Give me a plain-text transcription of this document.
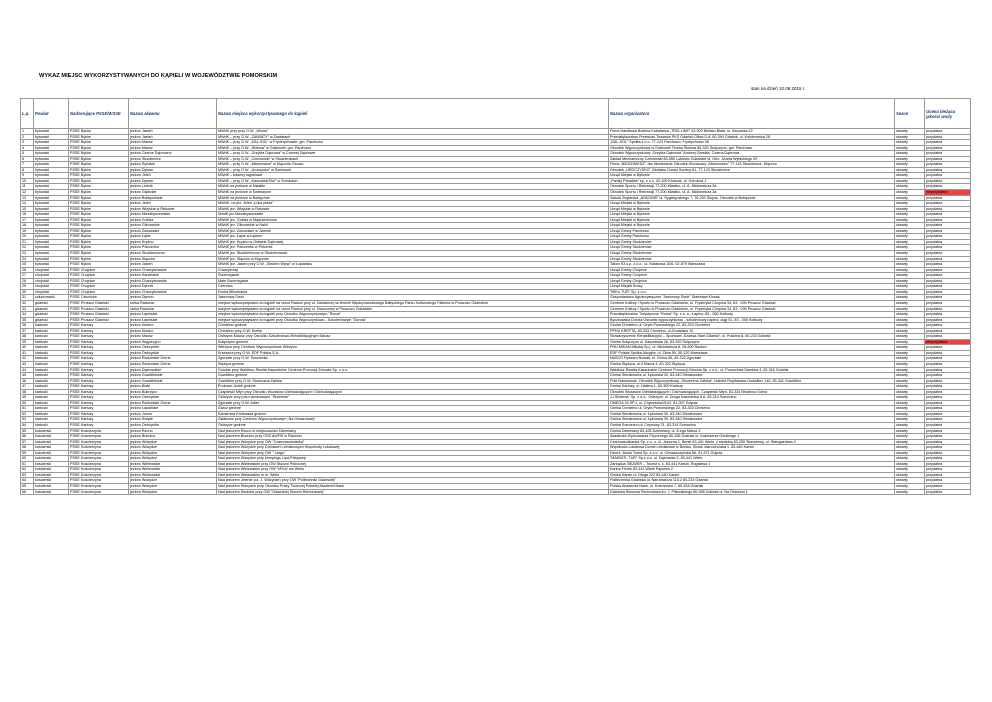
WYKAZ MIEJSC WYKORZYSTYWANYCH DO KĄPIELI W WOJEWÓDZTWIE POMORSKIM
stan na dzień 10.08.2015 r.
L.p.	Powiat	Nadzorujące PSSE/WSSE	Nazwa akwenu	Nazwa miejsca wykorzystywanego do kąpieli	Nazwa organizatora	Sezon	Ocena bieżąca jakości wody
1	bytowski	PSSE Bytów	jezioro Jasień	MWdK przy przy O.W. „Wrzos”	Firma Handlowa Bożena Kubalańca „TRIS-LINE” 43-300 Bielsko-Biała, ul. Karpacka 22	otwarty	przydatna
2	bytowski	PSSE Bytów	jezioro Jasień	MWdK – przy O.W. „ZAWIATY” w Zawiatach	Przedsiębiorstwo Przewozu Towarów PKS Gdańsk-Oliwa S.A. 80-394 Gdańsk, ul. Kołobrzeska 28	otwarty	przydatna
3	bytowski	PSSE Bytów	jezioro Mausz	MWdK – przy O.W. „DAL-SOL” w Fryderyzhowie, gm. Parchowo	„DAL-SOL” Spółka z o.o. 77-124 Parchowo, Frydrychowo 38	otwarty	przydatna
4	bytowski	PSSE Bytów	jezioro Mausz	MWdK – przy O.W. „Skiersa” w Grabowie, gm. Parchowo	Ośrodek Wypoczynkowy w Grabowie Teresa Skiersa 83-320 Sulęczyno, gm. Parchowo	otwarty	przydatna
5	bytowski	PSSE Bytów	jezioro Czarne Dąbrowno	MWdK – przy O.W. „Grzybia Dąbrowa” w Czarnej Dąbrowie	Ośrodek Wypoczynkowy „Grzybia Dąbrowa” Andrzej Garstka, Czarna Dąbrowa	otwarty	przydatna
6	bytowski	PSSE Bytów	jezioro Studzienice	MWdK – przy O.W. „Czerwinski” w Studzienicach	Zakład Mechaniczny Czerwinski 83-050 Lublewo Gdańskie ul. Gen. Józefa Wybickiego 20	otwarty	przydatna
7	bytowski	PSSE Bytów	jezioro Ryńskie	MWdK – przy O.W. „Miechowice” w Kłącznie-Osowo	Firma „NIEDŹWIEDŹ” Jan Niedźwiedź Ośrodek Wczasowy „Miechowice” 77-143 Studzienice, Kłączno	otwarty	przydatna
8	bytowski	PSSE Bytów	jezioro Dywan	MWdK – przy O.W. „Uroczysko” w Sominach	Ośrodek „UROCZYSKO” Zdzisław Górski Sominy 61, 77-143 Studzienice	otwarty	przydatna
9	bytowski	PSSE Bytów	jezioro Jeleń	MWdK – baseny kąpielowe	Urząd Miejski w Bytowie	otwarty	przydatna
10	bytowski	PSSE Bytów	jezioro Dywan	MWdK – przy O.W. „Kaszubski Bór” w Sominach	„Family Paradise” sp. z o.o. 42-100 Kłobuck, ul. Górnicza 1	otwarty	przydatna
11	bytowski	PSSE Bytów	jezioro Lednik	MWdK na jeziorze w Miastku	Ośrodek Sportu i Rekreacji 77-200 Miastko, ul. A. Mickiewicza 3a	otwarty	przydatna
12	bytowski	PSSE Bytów	jezioro Głębokie	MWdK na jeziorze w Świeszynie	Ośrodek Sportu i Rekreacji 77-200 Miastko, ul. A. Mickiewicza 3a	otwarty	nieprzydatna
13	bytowski	PSSE Bytów	jezioro Bobięcińskie	MWdK na jeziorze w Bobięcinie	Szkoła Żeglarska „ADKONIS” ul. Sygietyńskiego 7, 76-200 Słupsk, Ośrodek w Bobięcinie	otwarty	przydatna
14	bytowski	PSSE Bytów	jezioro Jeleń	MWdK- na jez. Jeleń „Łóka plaża”	Urząd Miejski w Bytowie	otwarty	przydatna
15	bytowski	PSSE Bytów	jezioro Wiejskie w Rekowie	MWdK jez. Wiejskie w Rekowie	Urząd Miejski w Bytowie	otwarty	przydatna
16	bytowski	PSSE Bytów	jezioro Niezabyszewskie	MwdK jez.Niezabyszewskie	Urząd Miejski w Bytowie	otwarty	przydatna
17	bytowski	PSSE Bytów	jezioro Gubisz	MWdK jez. Gubisz w Mądrzechowie	Urząd Miejski w Bytowie	otwarty	przydatna
18	bytowski	PSSE Bytów	jezioro Glinowskie	MWdK jez. Glinowskie w Nakli	Urząd Miejski w Bytowie	otwarty	przydatna
19	bytowski	PSSE Bytów	jezioro Żukowskie	MWdK jez. Żukowskie w Jamnie	Urząd Gminy Parchowo	otwarty	przydatna
20	bytowski	PSSE Bytów	jezioro Łąkie	MWdK jez. Łąkie w Łąkiem	Urząd Gminy Parchowo	otwarty	przydatna
21	bytowski	PSSE Bytów	jezioro Krężno	MWdK jez. Krężno w Ostawie Dąbrowej	Urząd Gminy Studzienice	otwarty	przydatna
22	bytowski	PSSE Bytów	jezioro Półczenko	MWdK jez. Półczenko w Półcznie	Urząd Gminy Studzienice	otwarty	przydatna
23	bytowski	PSSE Bytów	jezioro Studzieniczno	MWdK jez. Studzieniczno w Studzienicach	Urząd Gminy Studzienice	otwarty	przydatna
24	bytowski	PSSE Bytów	jezioro Kłączno	MWdK jez. Kłączno w Kłącznie	Urząd Gminy Studzienice	otwarty	przydatna
25	bytowski	PSSE Bytów	jezioro Jasień	MWdK jez. Jasień przy O.W. „Siedem Wysp” w Łupawsku	Takon S3 s.p. z o.o., ul. Kwiatowa 10/6, 02-579 Warszawa	otwarty	przydatna
26	chojnicki	PSSE Chojnice	jezioro Charzykowskie	Charzykowy	Urząd Gminy Chojnice	otwarty	przydatna
27	chojnicki	PSSE Chojnice	jezioro Karsińskie	Swornegacie	Urząd Gminy Chojnice	otwarty	przydatna
28	chojnicki	PSSE Chojnice	jezioro Charzykowskie	Małe Swornegacie	Urząd Gminy Chojnice	otwarty	przydatna
29	chojnicki	PSSE Chojnice	jezioro Dybrzk	Czernica	Urząd Miejski Brusy	otwarty	przydatna
30	chojnicki	PSSE Chojnice	jezioro Charzykowskie	Funka Mikomania	"MIKo-TUR" Sp. z o.o.	otwarty	przydatna
31	człuchowski	PSSE Człuchów	jezioro Dymno	Jaworowy Dwór	Gospodarstwo Agroturystyczne "Jaworowy Dwór" Stanisław Klusak	otwarty	przydatna
32	gdański	PSSE Pruszcz Gdański	rzeka Radunia	miejsce wykorzystywane do kąpieli na rzece Raduni przy ul. Zastawnej na terenie Międzynarodowego Bałtyckiego Parku Kulturowego Faktoria w Pruszczu Gdańskim	Centrum Kultury i Sportu w Pruszczu Gdańskim, ul. Fryderyka Chopina 34, 83 - 000 Pruszcz Gdański	otwarty	przydatna
33	gdański	PSSE Pruszcz Gdański	rzeka Radunia	miejsce wykorzystywane do kąpieli na rzece Raduni przy ul. Dworcowej w Pruszczu Gdańskim	Centrum Kultury i Sportu w Pruszczu Gdańskim, ul. Fryderyka Chopina 34, 83 - 000 Pruszcz Gdański	otwarty	przydatna
34	gdański	PSSE Pruszcz Gdański	jezioro Łapińskie	miejsce wykorzystywane do kąpieli przy Ośrodku Wypoczynkowym "Roma"	Przedsiębiorstwo Turystyczne "Roma" Sp. z o. o., Łapino, 83 - 050 Kolbudy	otwarty	przydatna
35	gdański	PSSE Pruszcz Gdański	jezioro Łapińskie	miejsce wykorzystywane do kąpieli przy Ośrodku Wypoczynkowo - Szkoleniowym "Dorota"	Byczkowska Dorota Ośrodek wypoczynkowo - szkoleniowy Łapino, ciąg 51, 83 - 050 Kolbudy	otwarty	przydatna
36	kartuski	PSSE Kartuzy	jezioro Kłodno	Chmielno gminne	Gmina Chmielno ul. Gryfa Pomorskiego 22, 83-333 Chmielno	otwarty	przydatna
37	kartuski	PSSE Kartuzy	jezioro Kłodno	Chmielno przy O.W. Krefta	PPHU KREFTA, 83-333 Chmielno, ul.Grodzisko 10	otwarty	przydatna
38	kartuski	PSSE Kartuzy	jezioro Mausz	Ostrzyce-Mausz przy Ośrodku Szkoleniowo-Rehabilitacyjnym Mausz	Stowarzyszenie Rehabilitacyjno – Sportowe „Szansa-Start Gdańsk”, ul. Pusiżna 8, 80-233 Gdańsk	otwarty	przydatna
39	kartuski	PSSE Kartuzy	jezioro Węgorzyno	Sulęczyno gminne	Gmina Sulęczyno ul. Kaszubska 26, 83-320 Sulęczyno	otwarty	nieprzydatna
40	kartuski	PSSE Kartuzy	jezioro Ostrzyckie	Wieżyca przy Centrum Wypoczynkowe Wieżyca	PHU MIKAN Mikołaj Sp.j. ul. Mickiewicza 8, 26-600 Radom	otwarty	przydatna
41	kartuski	PSSE Kartuzy	jezioro Ostrzyckie	Krzeszna przy O.W. EDF Polska S.A.	EDF Polska Spółka Akcyjna, ul. Złota 59, 00-120 Warszawa	otwarty	przydatna
42	kartuski	PSSE Kartuzy	jezioro Raduńskie Górne	Zgorzałe przy O.W. Sosnówka	NASCO Ryszard Nowak, ul. Górna 55, 83-322 Zgorzałe	otwarty	przydatna
43	kartuski	PSSE Kartuzy	jezioro Raduńskie Górne	Stężyca gminne	Gmina Stężyca, ul.9 Marca 3, 83-322 Stężyca	otwarty	przydatna
44	kartuski	PSSE Kartuzy	jezioro Dąbrowskie	Golubie przy Waldtour-Rewita Kaszubskie Centrum Promocji Zdrowia Sp. z o.o.	Waldtour-Rewita Kaszubskie Centrum Promocji Zdrowia Sp. z o.o., ul. Poruczinka Dambka 4, 83-316 Golubie	otwarty	przydatna
45	kartuski	PSSE Kartuzy	jezioro Gowidlińskie	Gowidlino gminne	Gmina Sierakowice,ul. Łęborska 30, 83-340 Sierakowice	otwarty	przydatna
46	kartuski	PSSE Kartuzy	jezioro Gowidlińskie	Gowidlino przy O.W. Słoneczna Zatoka	Pole Namiotowe, Ośrodek Wypoczynkowy „Słoneczna Zatoka”, Izabela Ropiłowska,Gowidlino 140, 83-341 Gowidlino	otwarty	przydatna
47	kartuski	PSSE Kartuzy	jezioro Białe	Prokowo-Ucisk gminne	Gmina Kartuzy, ul. Hallera 1, 83-300 Kartuzy	otwarty	przydatna
48	kartuski	PSSE Kartuzy	jezioro Bukrzyno	Czaplelski Młyn przy Ośrodku Wczasów Odmładzających i Odchudzających	Ośrodek Wczasów Odmładzających i Odchudzających, Czaplelski Młyn, 83-324 Brodnica Górna	otwarty	przydatna
49	kartuski	PSSE Kartuzy	jezioro Ostrzyckie	Ostrzyce przy polu namiotowym "Stolemek"	„U Stolema” Sp. z o.o., Ostrzyce, ul. Droga Kaszubska 8 A, 83-314 Somonino	otwarty	przydatna
50	kartuski	PSSE Kartuzy	jezioro Raduńskie Górne	Zgorzałe przy O.W. Adler	OMEGA 34 SP.J, ul. Chyloniska191/2, 81-007 Gdynia	otwarty	przydatna
51	kartuski	PSSE Kartuzy	jezioro Łapalickie	Garcz gminne	Gmina Chmielno ul. Gryfa Pomorskiego 22, 83-333 Chmielno	otwarty	przydatna
52	kartuski	PSSE Kartuzy	jezioro Junno	Kamienica Królewska gminne	Gmina Sierakowice,ul. Łęborska 30, 83-340 Sierakowice	otwarty	przydatna
53	kartuski	PSSE Kartuzy	jezioro Święte	Załakowo przy Centrum Wypoczynkowym „Na Gwiazdowej”	Gmina Sierakowice,ul. Łęborska 30, 83-340 Sierakowice	otwarty	przydatna
54	kartuski	PSSE Kartuzy	jezioro Ostrzyckie	Ostrzyce gminne	Gmina Somonino,ul. Ceynowy 21, 83-314 Somonino	otwarty	przydatna
55	kościerski	PSSE Kościerzyna	jezioro Rzuno	Nad jeziorem Rzuno w miejscowości Dziemiany	Gmina Dziemiany 83-425 Dziemiany, ul. 8-ego Marca 3	otwarty	przydatna
56	kościerski	PSSE Kościerzyna	jezioro Brzeżno	Nad jeziorem Brzeżno przy OSS AWFiS w Raduniu	Akademia Wychowania Fizycznego 80-336 Gdańsk ul. Kazimierza Górskiego 1	otwarty	przydatna
57	kościerski	PSSE Kościerzyna	jezioro Wdzydze	Nad jeziorem Wdzydze przy OW "Czarnowodzianka"	Czarnowodzianka Sp. z o. o. ul. Jeziorna 1, Borsk 83-441 Wiele, z siedzibą 83-250 Skarszewy, ul. Starogardzka 4	otwarty	przydatna
58	kościerski	PSSE Kościerzyna	jezioro Wdzydze	Nad jeziorem Wdzydze przy Domkach Letniskowych Wspólnoty Lokalowej	Wspólnota Lokalowa Domki Letniskowe w Borsku, Borsk Jasnochówka 1, 83-440 Karsin	otwarty	przydatna
59	kościerski	PSSE Kościerzyna	jezioro Wdzydze	Nad jeziorem Wdzydze przy OW " Largo"	Dzierż. Borsk Turist Sp. z o.o. ul. Chwaszczyńska 66, 81-571 Gdynia	otwarty	przydatna
60	kościerski	PSSE Kościerzyna	jezioro Wdzydze	Nad jeziorem Wdzydze przy kempingu Lipa-Półwysep	"MAKNITI- TUR" Sp.z o.o. ul. Dąbrówka 5, 83-441 Wiele	otwarty	przydatna
61	kościerski	PSSE Kościerzyna	jezioro Wielewskie	Nad jeziorem Wielewskim przy OW Stoczni Północnej	Zarządca: BEAVER – Tourist s. c. 83-441 Karsin, Rogalewo 1	otwarty	przydatna
62	kościerski	PSSE Kościerzyna	jezioro Wielewskie	Nad jeziorem Wielewskim przy OW "eFKa" we Wielu	Karina Florek 83-441 Wiele Papiewo 2	otwarty	przydatna
63	kościerski	PSSE Kościerzyna	jezioro Wielewskie	Nad jeziorem Wielewskim w m. Wiele	Gmina Karsin ul. Długa 222 83-440 Karsin	otwarty	przydatna
64	kościerski	PSSE Kościerzyna	jezioro Wdzydze	Nad jeziorem Jelenie (cz. J. Wdzydze) przy OW "Politechniki Gdańskiej"	Politechnika Gdańska ul. Narutowicza 11/12 80-233 Gdańsk	otwarty	przydatna
65	kościerski	PSSE Kościerzyna	jezioro Wdzydze	Nad jeziorem Wdzydze przy Ośrodku Pracy Twórczej Polskiej Akademii Nauk	Polska Akademia Nauk, ul. Kościerska 7, 80-328 Gdańsk	otwarty	przydatna
66	kościerski	PSSE Kościerzyna	jezioro Wdzydze	Nad jeziorem Radolne przy OW "Gdańskiej Stoczni Remontowej"	Gdańska Stocznia Remontowa im. J. Piłsudskiego 80-958 Gdańsk ul. Na Ostrowiu 1	otwarty	przydatna
